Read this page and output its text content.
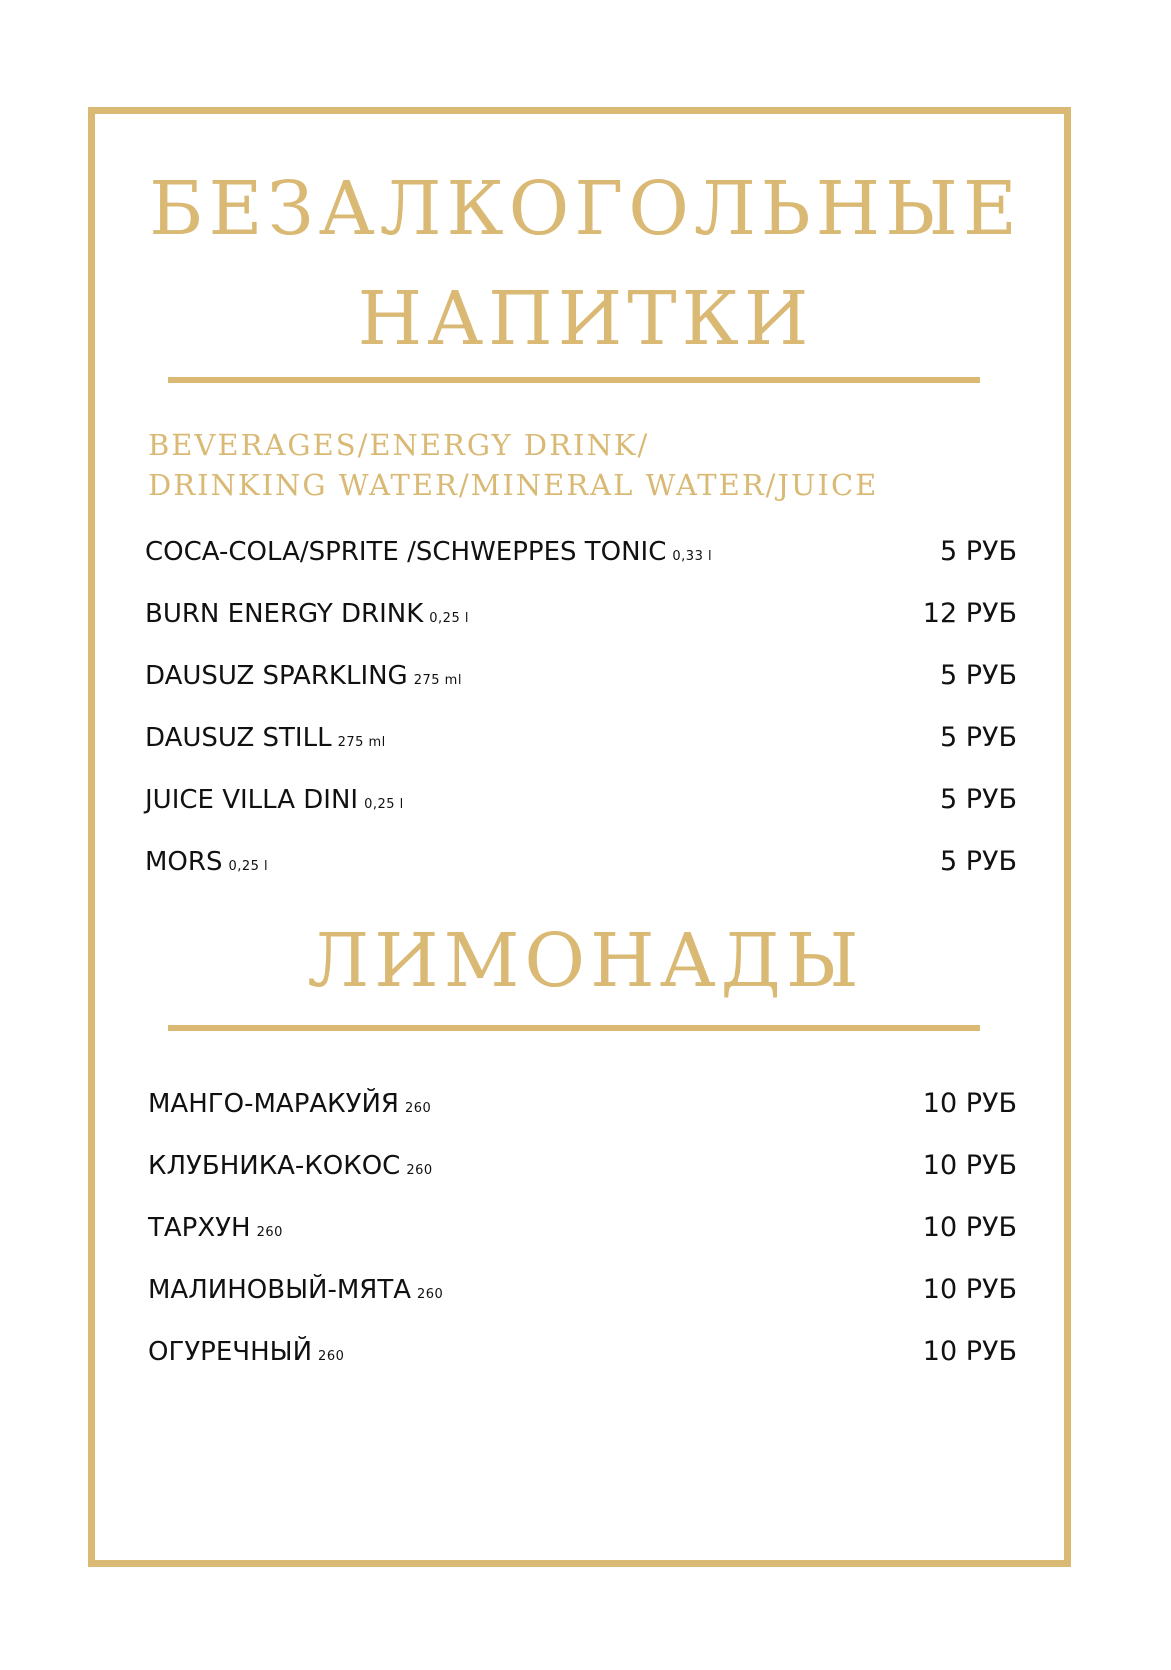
БЕЗАЛКОГОЛЬНЫЕ
НАПИТКИ

BEVERAGES/ENERGY DRINK/

DRINKING WATER/MINERAL WATER/JUICE

COCA-COLA/SPRITE /SCHWEPPES TONIC 0,33 l	5 РУБ
BURN ENERGY DRINK 0,25 l	12 РУБ
DAUSUZ SPARKLING 275 ml	5 РУБ
DAUSUZ STILL 275 ml	5 РУБ
JUICE VILLA DINI 0,25 l	5 РУБ
MORS 0,25 l	5 РУБ
ЛИМОНАДЫ
МАНГО-МАРАКУЙЯ 260	10 РУБ
КЛУБНИКА-КОКОС 260	10 РУБ
ТАРХУН 260	10 РУБ
МАЛИНОВЫЙ-МЯТА 260	10 РУБ
ОГУРЕЧНЫЙ 260	10 РУБ
